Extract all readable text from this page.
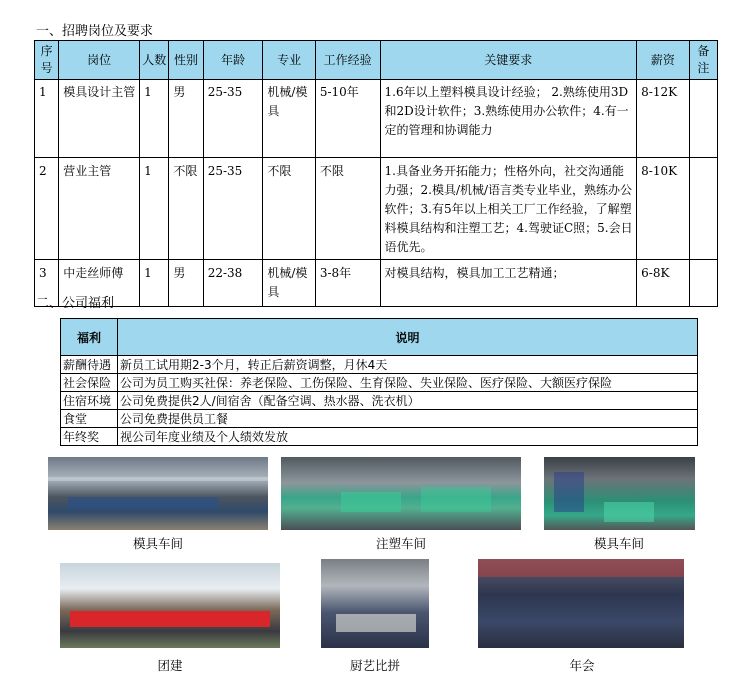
一、招聘岗位及要求
序号	岗位	人数	性别	年龄	专业	工作经验	关键要求	薪资	备注
1	模具设计主管	1	男	25-35	机械/模具	5-10年	1.6年以上塑料模具设计经验； 2.熟练使用3D和2D设计软件；3.熟练使用办公软件；4.有一定的管理和协调能力	8-12K	
2	营业主管	1	不限	25-35	不限	不限	1.具备业务开拓能力；性格外向，社交沟通能力强；2.模具/机械/语言类专业毕业，熟练办公软件；3.有5年以上相关工厂工作经验，了解塑料模具结构和注塑工艺；4.驾驶证C照；5.会日语优先。	8-10K	
3	中走丝师傅	1	男	22-38	机械/模具	3-8年	对模具结构，模具加工工艺精通；	6-8K	
二、公司福利
福利	说明
薪酬待遇	新员工试用期2-3个月，转正后薪资调整，月休4天
社会保险	公司为员工购买社保：养老保险、工伤保险、生育保险、失业保险、医疗保险、大额医疗保险
住宿环境	公司免费提供2人/间宿舍（配备空调、热水器、洗衣机）
食堂	公司免费提供员工餐
年终奖	视公司年度业绩及个人绩效发放
模具车间	注塑车间	模具车间
团建	厨艺比拼	年会
